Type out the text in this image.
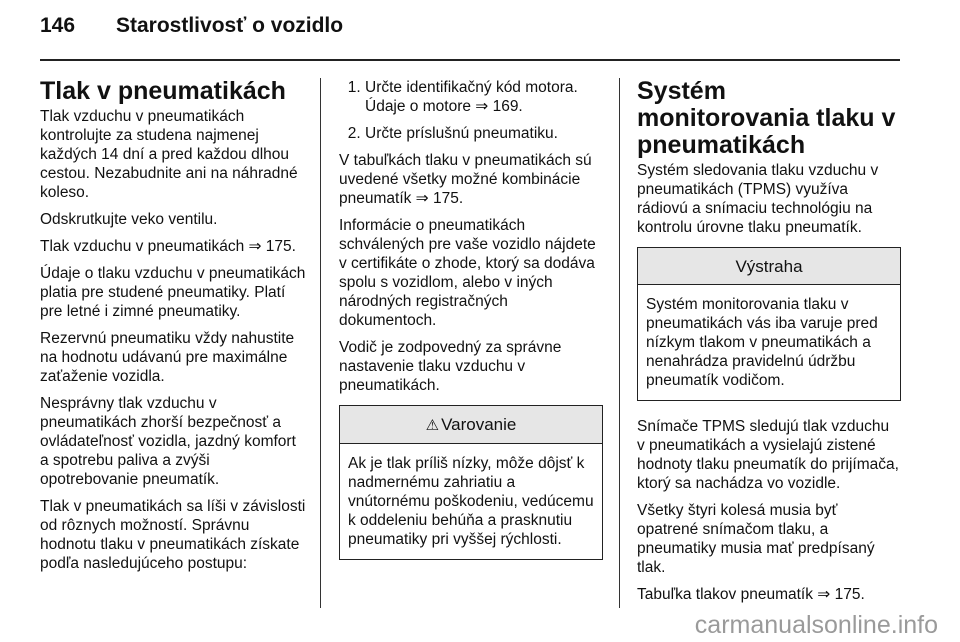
146 Starostlivosť o vozidlo
Tlak v pneumatikách

Tlak vzduchu v pneumatikách kontrolujte za studena najmenej každých 14 dní a pred každou dlhou cestou. Nezabudnite ani na náhradné koleso.

Odskrutkujte veko ventilu.

Tlak vzduchu v pneumatikách ⇒ 175.

Údaje o tlaku vzduchu v pneumatikách platia pre studené pneumatiky. Platí pre letné i zimné pneumatiky.

Rezervnú pneumatiku vždy nahustite na hodnotu udávanú pre maximálne zaťaženie vozidla.

Nesprávny tlak vzduchu v pneumatikách zhorší bezpečnosť a ovládateľnosť vozidla, jazdný komfort a spotrebu paliva a zvýši opotrebovanie pneumatík.

Tlak v pneumatikách sa líši v závislosti od rôznych možností. Správnu hodnotu tlaku v pneumatikách získate podľa nasledujúceho postupu:

1. Určte identifikačný kód motora. Údaje o motore ⇒ 169.
2. Určte príslušnú pneumatiku.

V tabuľkách tlaku v pneumatikách sú uvedené všetky možné kombinácie pneumatík ⇒ 175.

Informácie o pneumatikách schválených pre vaše vozidlo nájdete v certifikáte o zhode, ktorý sa dodáva spolu s vozidlom, alebo v iných národných registračných dokumentoch.

Vodič je zodpovedný za správne nastavenie tlaku vzduchu v pneumatikách.

⚠ Varovanie
Ak je tlak príliš nízky, môže dôjsť k nadmernému zahriatiu a vnútornému poškodeniu, vedúcemu k oddeleniu behúňa a prasknutiu pneumatiky pri vyššej rýchlosti.
Systém monitorovania tlaku v pneumatikách

Systém sledovania tlaku vzduchu v pneumatikách (TPMS) využíva rádiovú a snímaciu technológiu na kontrolu úrovne tlaku pneumatík.

Výstraha
Systém monitorovania tlaku v pneumatikách vás iba varuje pred nízkym tlakom v pneumatikách a nenahrádza pravidelnú údržbu pneumatík vodičom.

Snímače TPMS sledujú tlak vzduchu v pneumatikách a vysielajú zistené hodnoty tlaku pneumatík do prijímača, ktorý sa nachádza vo vozidle.

Všetky štyri kolesá musia byť opatrené snímačom tlaku, a pneumatiky musia mať predpísaný tlak.

Tabuľka tlakov pneumatík ⇒ 175.

carmanualsonline.info
